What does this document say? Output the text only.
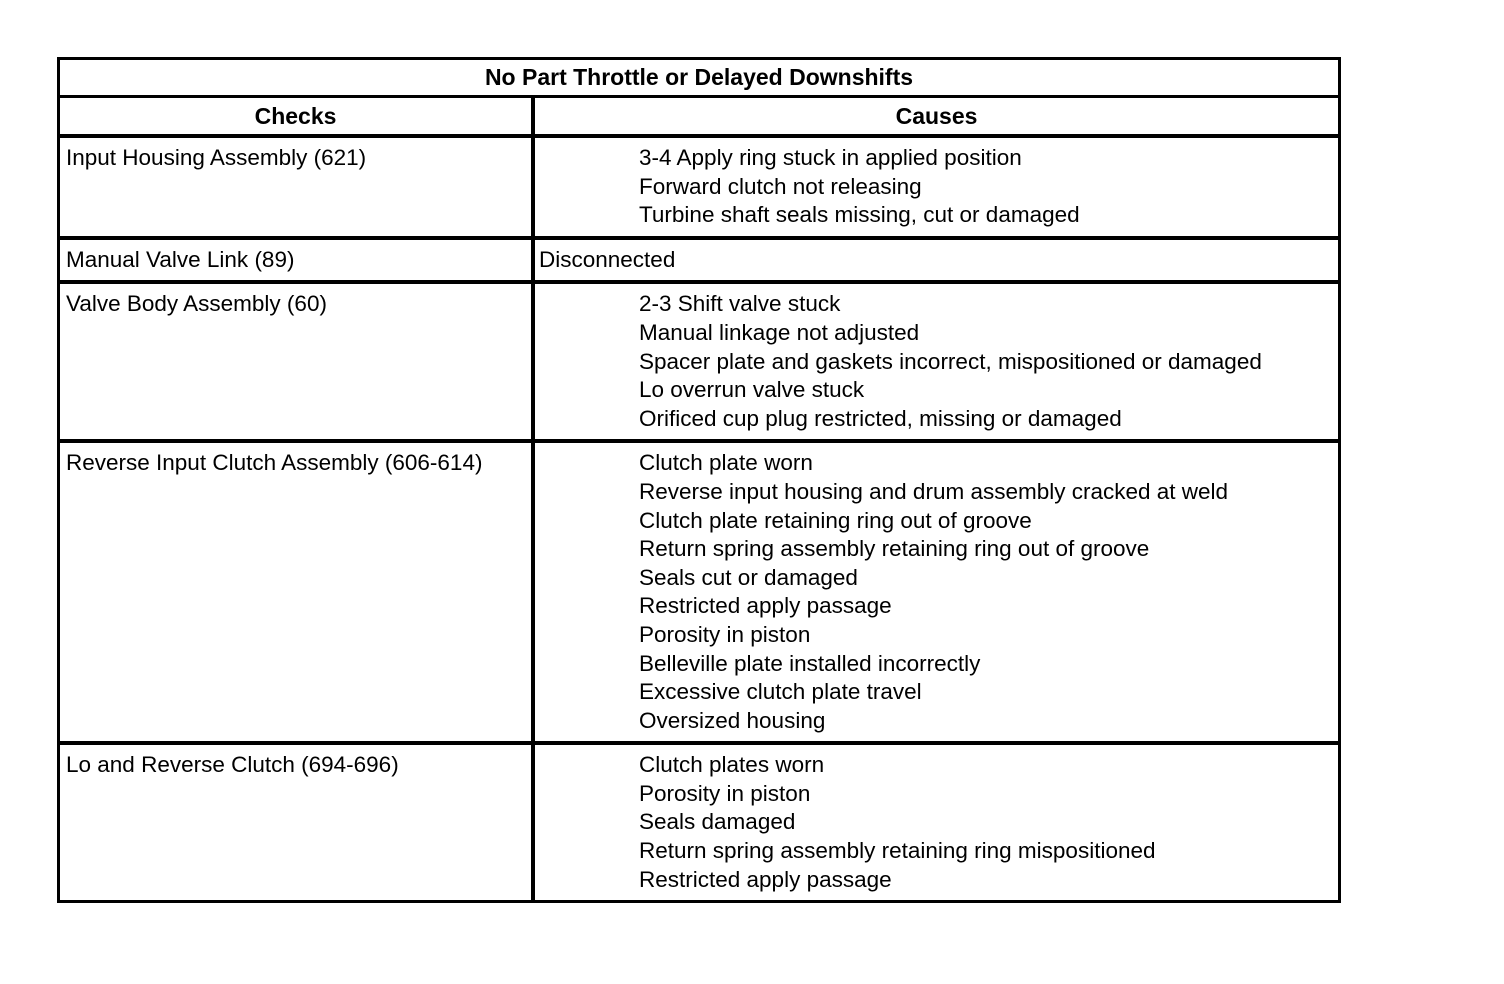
No Part Throttle or Delayed Downshifts
Checks	Causes
Input Housing Assembly (621)	3-4 Apply ring stuck in applied position
Forward clutch not releasing
Turbine shaft seals missing, cut or damaged
Manual Valve Link (89)	Disconnected
Valve Body Assembly (60)	2-3 Shift valve stuck
Manual linkage not adjusted
Spacer plate and gaskets incorrect, mispositioned or damaged
Lo overrun valve stuck
Orificed cup plug restricted, missing or damaged
Reverse Input Clutch Assembly (606-614)	Clutch plate worn
Reverse input housing and drum assembly cracked at weld
Clutch plate retaining ring out of groove
Return spring assembly retaining ring out of groove
Seals cut or damaged
Restricted apply passage
Porosity in piston
Belleville plate installed incorrectly
Excessive clutch plate travel
Oversized housing
Lo and Reverse Clutch (694-696)	Clutch plates worn
Porosity in piston
Seals damaged
Return spring assembly retaining ring mispositioned
Restricted apply passage
